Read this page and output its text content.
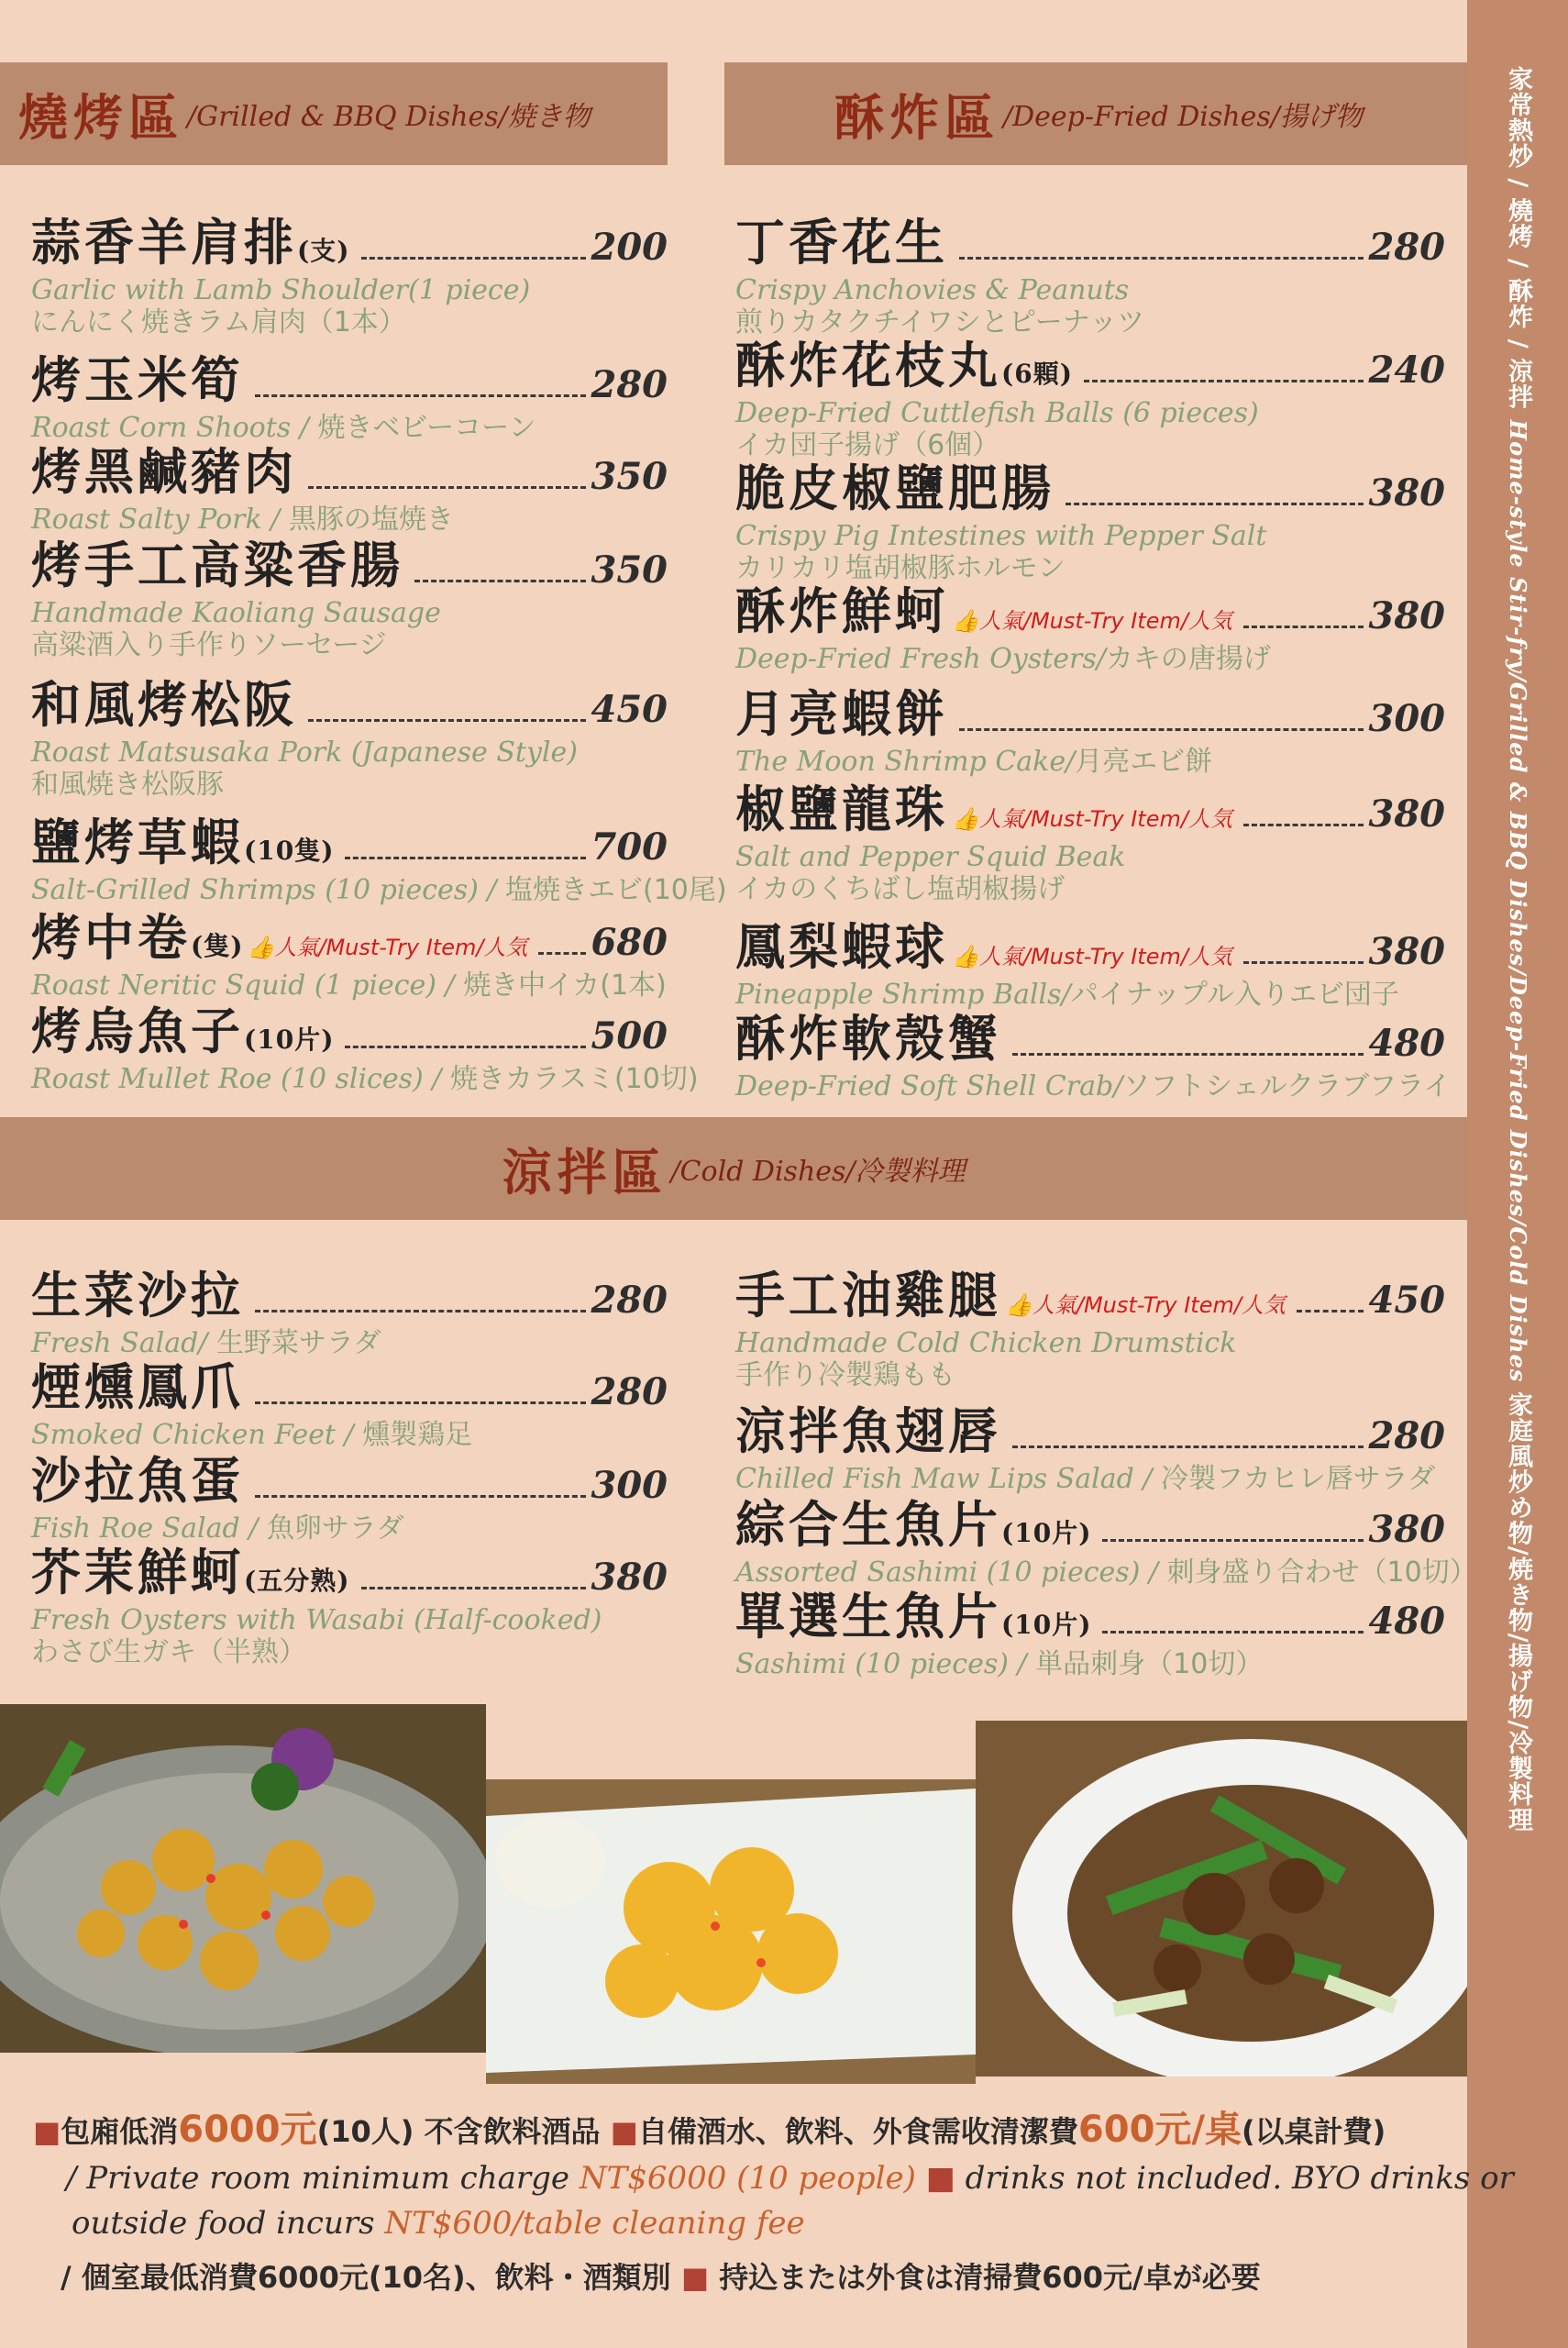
家常熱炒 / 燒烤 / 酥炸 / 涼拌 Home-style Stir-fry/Grilled & BBQ Dishes/Deep-Fried Dishes/Cold Dishes 家庭風炒め物/焼き物/揚げ物/冷製料理
燒烤區 /Grilled & BBQ Dishes/焼き物	酥炸區 /Deep-Fried Dishes/揚げ物
蒜香羊肩排(支)	200
Garlic with Lamb Shoulder(1 piece)
にんにく焼きラム肩肉（1本）
烤玉米筍	280
Roast Corn Shoots / 焼きベビーコーン
烤黑鹹豬肉	350
Roast Salty Pork / 黒豚の塩焼き
烤手工高粱香腸	350
Handmade Kaoliang Sausage
高粱酒入り手作りソーセージ
和風烤松阪	450
Roast Matsusaka Pork (Japanese Style)
和風焼き松阪豚
鹽烤草蝦(10隻)	700
Salt-Grilled Shrimps (10 pieces) / 塩焼きエビ(10尾)
烤中卷(隻) 👍人氣/Must-Try Item/人気 680
Roast Neritic Squid (1 piece) / 焼き中イカ(1本)
烤烏魚子(10片)	500
Roast Mullet Roe (10 slices) / 焼きカラスミ(10切)
丁香花生	280
Crispy Anchovies & Peanuts
煎りカタクチイワシとピーナッツ
酥炸花枝丸(6顆)	240
Deep-Fried Cuttlefish Balls (6 pieces)
イカ団子揚げ（6個）
脆皮椒鹽肥腸	380
Crispy Pig Intestines with Pepper Salt
カリカリ塩胡椒豚ホルモン
酥炸鮮蚵 👍人氣/Must-Try Item/人気	380
Deep-Fried Fresh Oysters/カキの唐揚げ
月亮蝦餅	300
The Moon Shrimp Cake/月亮エビ餅
椒鹽龍珠 👍人氣/Must-Try Item/人気	380
Salt and Pepper Squid Beak
イカのくちばし塩胡椒揚げ
鳳梨蝦球 👍人氣/Must-Try Item/人気	380
Pineapple Shrimp Balls/パイナップル入りエビ団子
酥炸軟殼蟹	480
Deep-Fried Soft Shell Crab/ソフトシェルクラブフライ
涼拌區 /Cold Dishes/冷製料理
生菜沙拉	280
Fresh Salad/ 生野菜サラダ
煙燻鳳爪	280
Smoked Chicken Feet / 燻製鶏足
沙拉魚蛋	300
Fish Roe Salad / 魚卵サラダ
芥茉鮮蚵(五分熟)	380
Fresh Oysters with Wasabi (Half-cooked)
わさび生ガキ（半熟）
手工油雞腿 👍人氣/Must-Try Item/人気 450
Handmade Cold Chicken Drumstick
手作り冷製鶏もも
涼拌魚翅唇	280
Chilled Fish Maw Lips Salad / 冷製フカヒレ唇サラダ
綜合生魚片(10片)	380
Assorted Sashimi (10 pieces) / 刺身盛り合わせ（10切）
單選生魚片(10片)	480
Sashimi (10 pieces) / 単品刺身（10切）
■包廂低消6000元(10人) 不含飲料酒品 ■自備酒水、飲料、外食需收清潔費600元/桌(以桌計費)
/ Private room minimum charge NT$6000 (10 people) ■ drinks not included. BYO drinks or
outside food incurs NT$600/table cleaning fee
/ 個室最低消費6000元(10名)、飲料・酒類別 ■ 持込または外食は清掃費600元/卓が必要
